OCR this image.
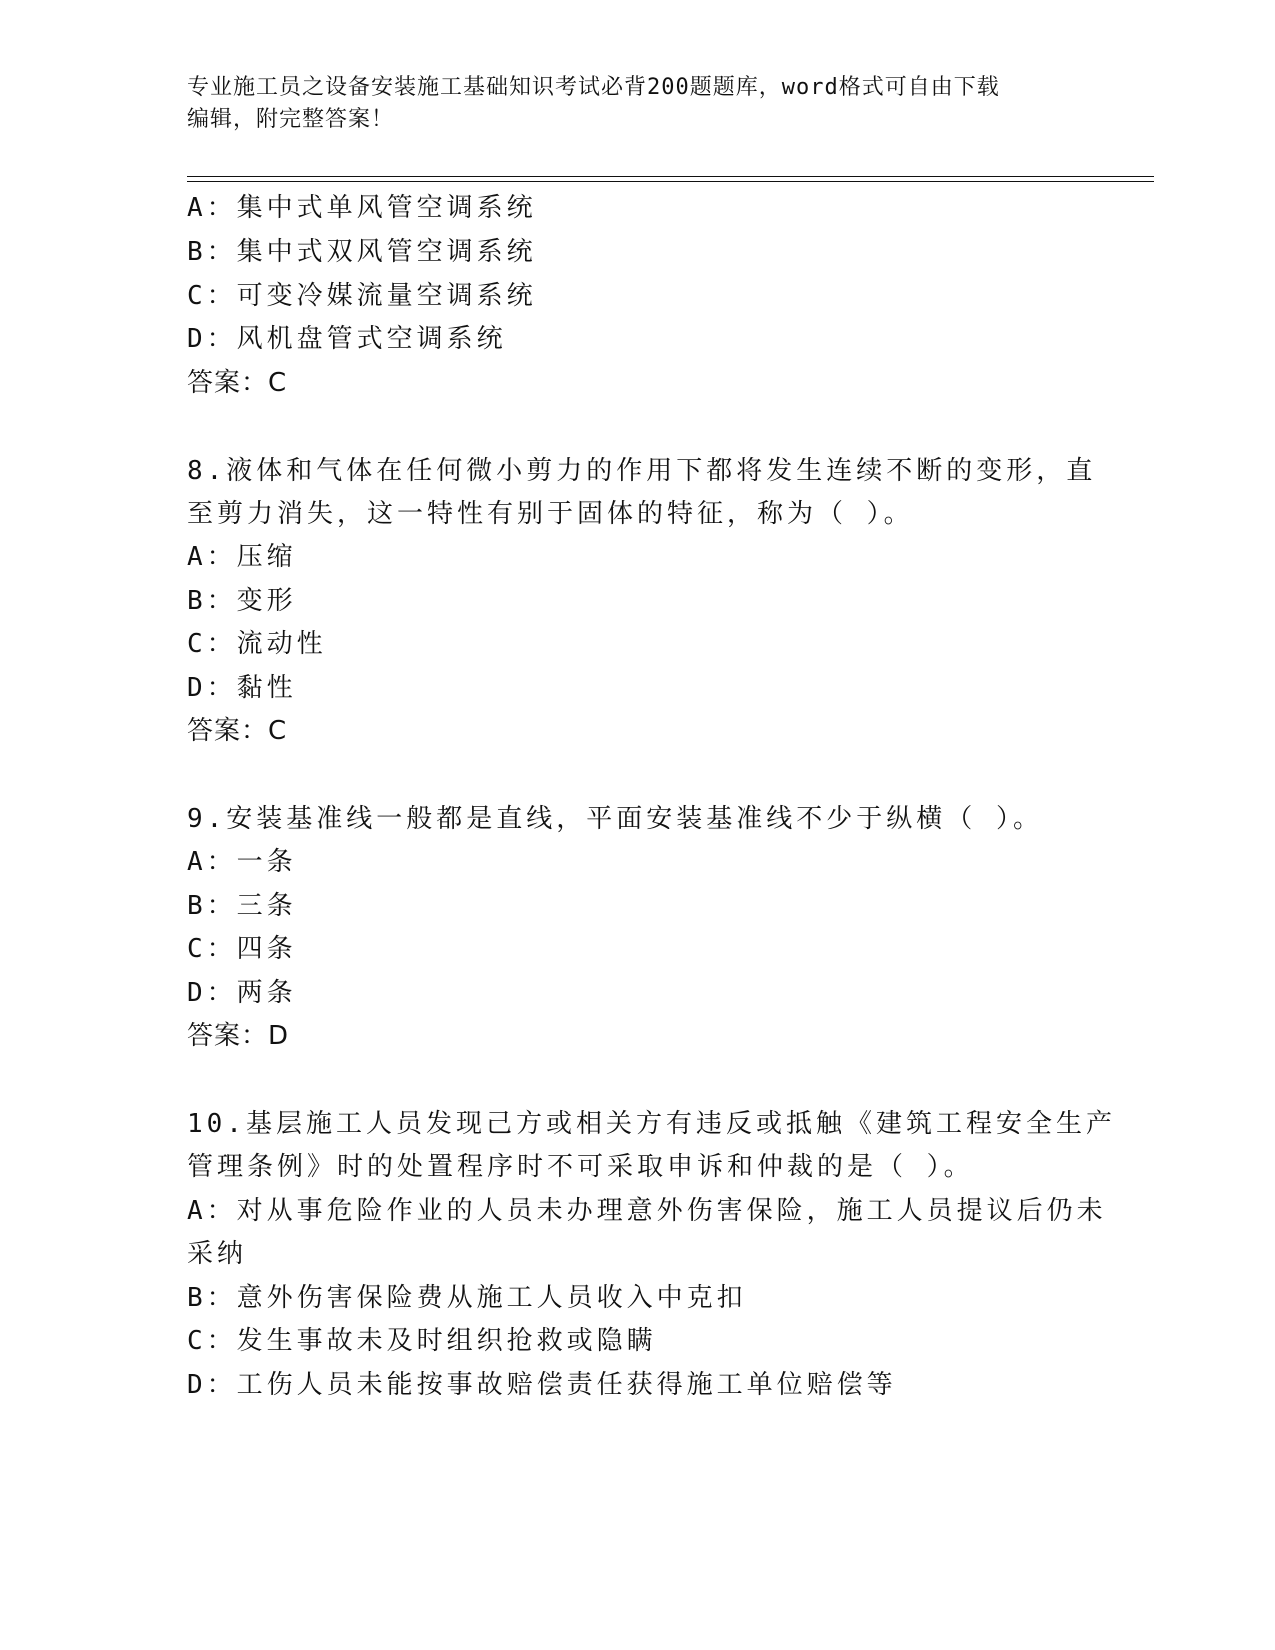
专业施工员之设备安装施工基础知识考试必背200题题库，word格式可自由下载
编辑，附完整答案！
A：集中式单风管空调系统
B：集中式双风管空调系统
C：可变冷媒流量空调系统
D：风机盘管式空调系统
答案：C
8.液体和气体在任何微小剪力的作用下都将发生连续不断的变形，直
至剪力消失，这一特性有别于固体的特征，称为（ ）。
A：压缩
B：变形
C：流动性
D：黏性
答案：C
9.安装基准线一般都是直线，平面安装基准线不少于纵横（ ）。
A：一条
B：三条
C：四条
D：两条
答案：D
10.基层施工人员发现己方或相关方有违反或抵触《建筑工程安全生产
管理条例》时的处置程序时不可采取申诉和仲裁的是（ ）。
A：对从事危险作业的人员未办理意外伤害保险，施工人员提议后仍未
采纳
B：意外伤害保险费从施工人员收入中克扣
C：发生事故未及时组织抢救或隐瞒
D：工伤人员未能按事故赔偿责任获得施工单位赔偿等
